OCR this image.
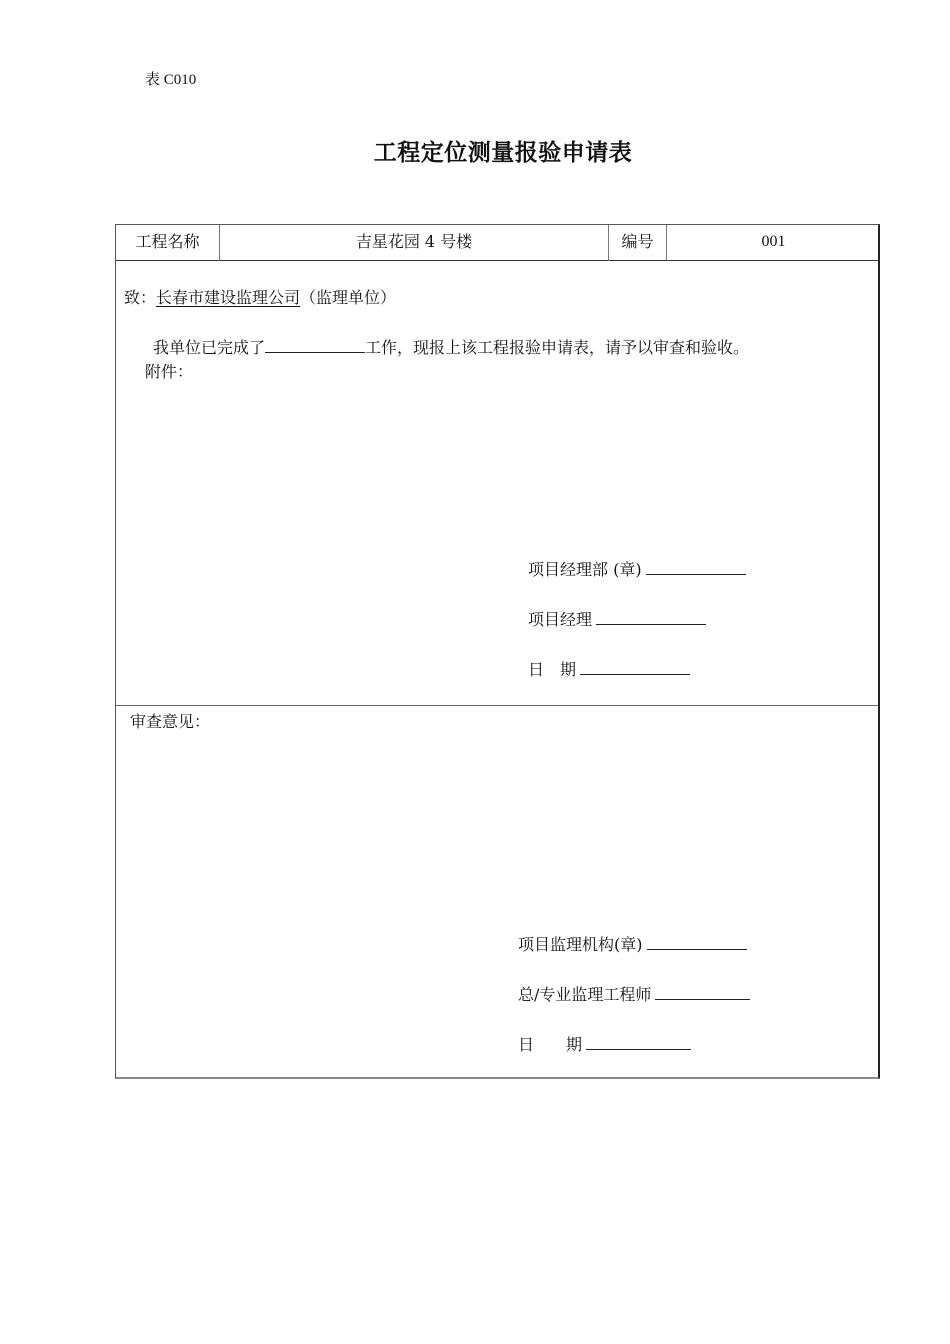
表 C010
工程定位测量报验申请表
工程名称	吉星花园 4 号楼	编号	001
致：长春市建设监理公司（监理单位）
我单位已完成了	工作，现报上该工程报验申请表，请予以审查和验收。
附件：
项目经理部 (章)
项目经理
日　期
审查意见：
项目监理机构(章)
总/专业监理工程师
日　　期
